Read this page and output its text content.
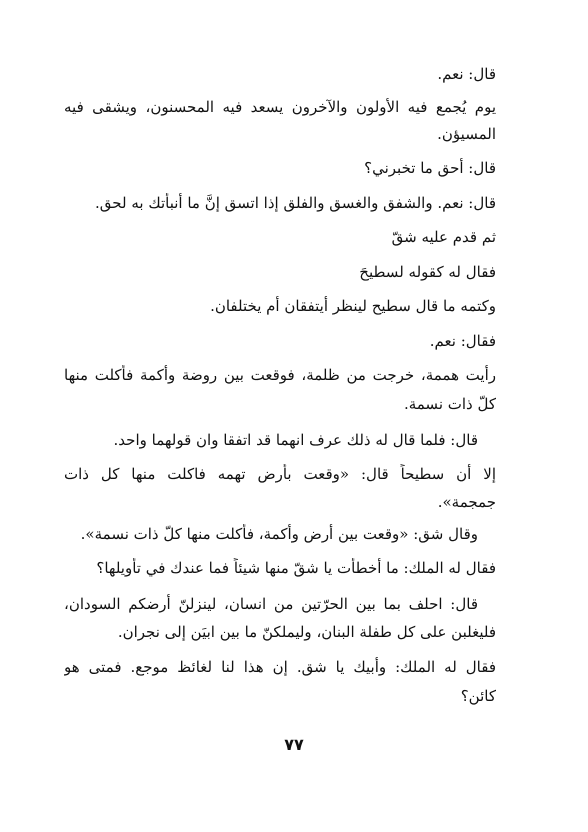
قال: نعم.
يوم يُجمع فيه الأولون والآخرون يسعد فيه المحسنون، ويشقى فيه
المسيؤن.
قال: أحق ما تخبرني؟
قال: نعم. والشفق والغسق والفلق إذا اتسق إنَّ ما أنبأتك به لحق.
ثم قدم عليه شقّ
فقال له كقوله لسطيحَ
وكتمه ما قال سطيح لينظر أيتفقان أم يختلفان.
فقال: نعم.
رأيت هممة، خرجت من ظلمة، فوقعت بين روضة وأكمة فأكلت منها
كلّ ذات نسمة.
قال: فلما قال له ذلك عرف انهما قد اتفقا وان قولهما واحد.
إلا أن سطيحاً قال: «وقعت بأرض تهمه فاكلت منها كل ذات
جمجمة».
وقال شق: «وقعت بين أرض وأكمة، فأكلت منها كلّ ذات نسمة».
فقال له الملك: ما أخطأت يا شقّ منها شيئاً فما عندك في تأويلها؟
قال: احلف بما بين الحرّتين من انسان، لينزلنّ أرضكم السودان،
فليغلبن على كل طفلة البنان، وليملكنّ ما بين ابيَن إلى نجران.
فقال له الملك: وأبيك يا شق. إن هذا لنا لغائظ موجع. فمتى هو
كائن؟
٧٧
